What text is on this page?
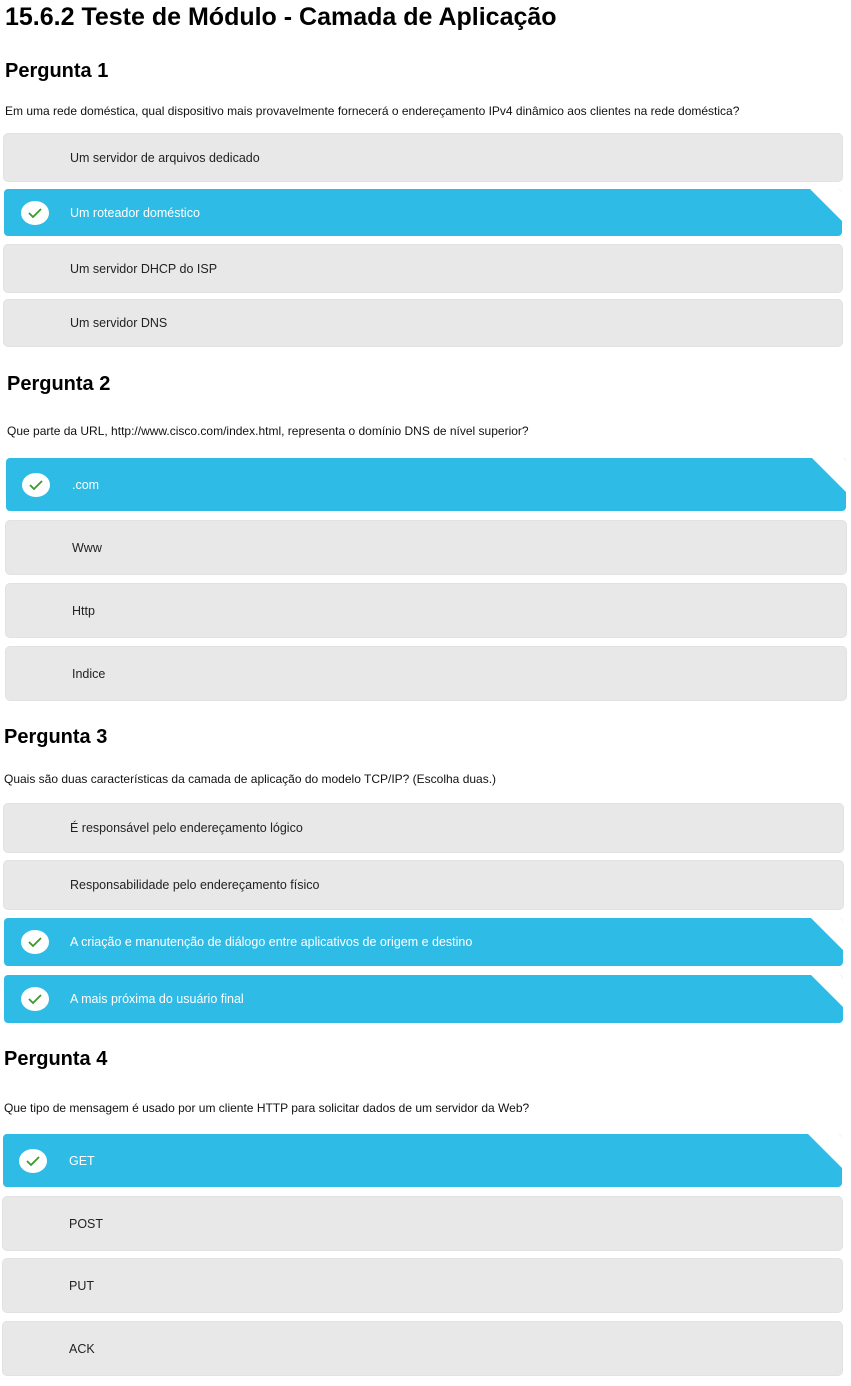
15.6.2 Teste de Módulo - Camada de Aplicação
Pergunta 1

Em uma rede doméstica, qual dispositivo mais provavelmente fornecerá o endereçamento IPv4 dinâmico aos clientes na rede doméstica?

Um servidor de arquivos dedicado
Um roteador doméstico
Um servidor DHCP do ISP
Um servidor DNS
Pergunta 2

Que parte da URL, http://www.cisco.com/index.html, representa o domínio DNS de nível superior?

.com
Www
Http
Indice
Pergunta 3

Quais são duas características da camada de aplicação do modelo TCP/IP? (Escolha duas.)

É responsável pelo endereçamento lógico
Responsabilidade pelo endereçamento físico
A criação e manutenção de diálogo entre aplicativos de origem e destino
A mais próxima do usuário final
Pergunta 4

Que tipo de mensagem é usado por um cliente HTTP para solicitar dados de um servidor da Web?

GET
POST
PUT
ACK
